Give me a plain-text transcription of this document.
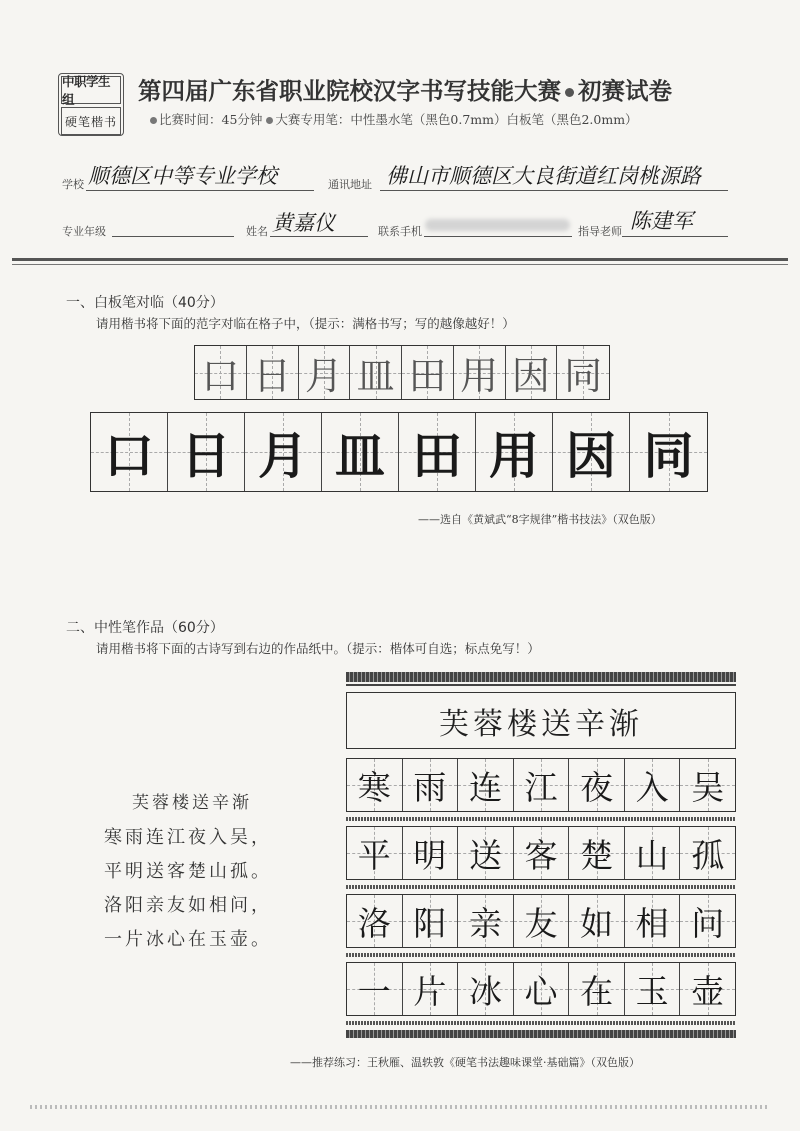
中职学生组
硬笔楷书
第四届广东省职业院校汉字书写技能大赛 初赛试卷
比赛时间：45分钟 大赛专用笔：中性墨水笔（黑色0.7mm）白板笔（黑色2.0mm）
学校 顺德区中等专业学校	通讯地址 佛山市顺德区大良街道红岗桃源路
专业年级	姓名 黄嘉仪	联系手机	指导老师 陈建军
一、白板笔对临（40分）
请用楷书将下面的范字对临在格子中，（提示：满格书写；写的越像越好！）
口 日 月 皿 田 用 因 同
口 日 月 皿 田 用 因 同
——选自《黄斌武“8字规律”楷书技法》（双色版）
二、中性笔作品（60分）
请用楷书将下面的古诗写到右边的作品纸中。（提示：楷体可自选；标点免写！）
芙蓉楼送辛渐
寒雨连江夜入吴，
平明送客楚山孤。
洛阳亲友如相问，
一片冰心在玉壶。
芙蓉楼送辛渐
寒 雨 连 江 夜 入 吴
平 明 送 客 楚 山 孤
洛 阳 亲 友 如 相 问
一 片 冰 心 在 玉 壶
——推荐练习：王秋雁、温轶敦《硬笔书法趣味课堂·基础篇》（双色版）
